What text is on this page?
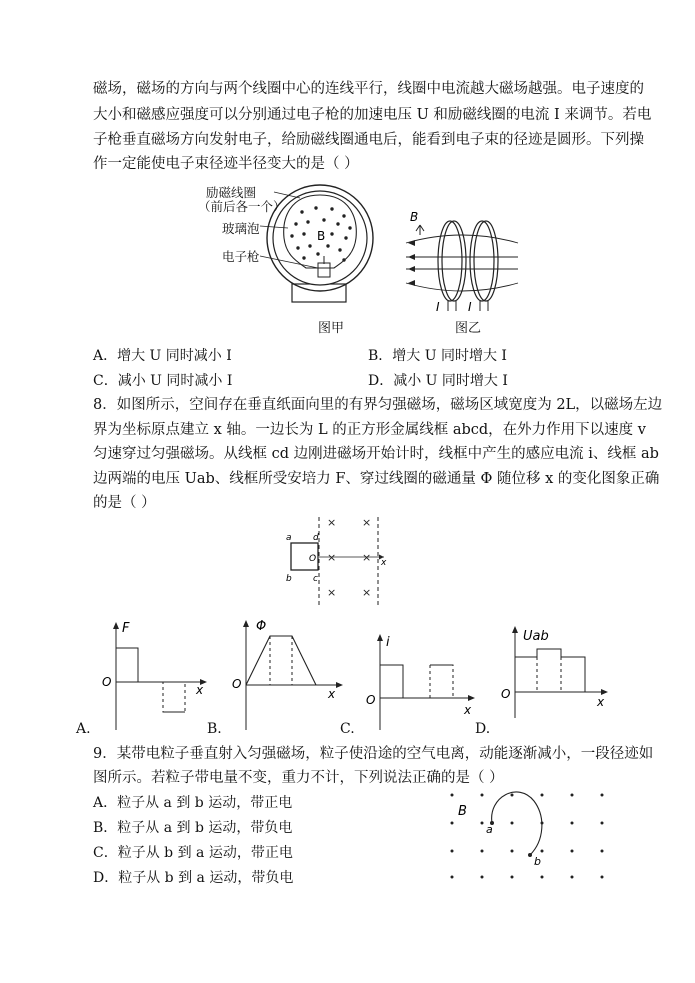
磁场，磁场的方向与两个线圈中心的连线平行，线圈中电流越大磁场越强。电子速度的
大小和磁感应强度可以分别通过电子枪的加速电压 U 和励磁线圈的电流 I 来调节。若电
子枪垂直磁场方向发射电子，给励磁线圈通电后，能看到电子束的径迹是圆形。下列操
作一定能使电子束径迹半径变大的是（ ）
B
励磁线圈
（前后各一个）
玻璃泡
电子枪
图甲
B
I I
图乙
A．增大 U 同时减小 I	B．增大 U 同时增大 I
C．减小 U 同时减小 I	D．减小 U 同时增大 I
8．如图所示，空间存在垂直纸面向里的有界匀强磁场，磁场区域宽度为 2L，以磁场左边
界为坐标原点建立 x 轴。一边长为 L 的正方形金属线框 abcd，在外力作用下以速度 v
匀速穿过匀强磁场。从线框 cd 边刚进磁场开始计时，线框中产生的感应电流 i、线框 ab
边两端的电压 Uab、线框所受安培力 F、穿过线圈的磁通量 Φ 随位移 x 的变化图象正确
的是（ ）
× ×
× ×
× ×
a d
b c
O	x
F
O
x
A.
Φ
O
x
B.
i
O
x
C.
Uab
O
x
D.
9．某带电粒子垂直射入匀强磁场，粒子使沿途的空气电离，动能逐渐减小，一段径迹如
图所示。若粒子带电量不变，重力不计，下列说法正确的是（ ）
A．粒子从 a 到 b 运动，带正电
B．粒子从 a 到 b 运动，带负电
C．粒子从 b 到 a 运动，带正电
D．粒子从 b 到 a 运动，带负电
B
a
b
